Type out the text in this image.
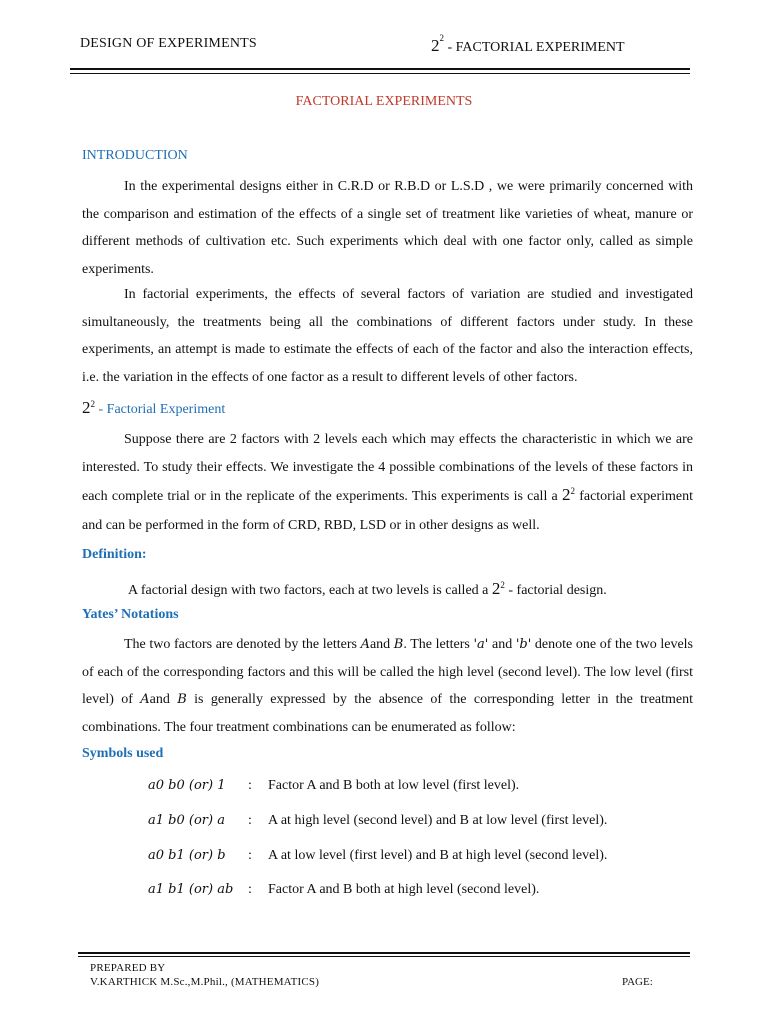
DESIGN OF EXPERIMENTS	$2^2$ - FACTORIAL EXPERIMENT
FACTORIAL EXPERIMENTS
INTRODUCTION
In the experimental designs either in C.R.D or R.B.D or L.S.D , we were primarily concerned with the comparison and estimation of the effects of a single set of treatment like varieties of wheat, manure or different methods of cultivation etc. Such experiments which deal with one factor only, called as simple experiments.
In factorial experiments, the effects of several factors of variation are studied and investigated simultaneously, the treatments being all the combinations of different factors under study. In these experiments, an attempt is made to estimate the effects of each of the factor and also the interaction effects, i.e. the variation in the effects of one factor as a result to different levels of other factors.
$2^2$ - Factorial Experiment
Suppose there are 2 factors with 2 levels each which may effects the characteristic in which we are interested. To study their effects. We investigate the 4 possible combinations of the levels of these factors in each complete trial or in the replicate of the experiments. This experiments is call a $2^2$ factorial experiment and can be performed in the form of CRD, RBD, LSD or in other designs as well.
Definition:
A factorial design with two factors, each at two levels is called a $2^2$ - factorial design.
Yates’ Notations
The two factors are denoted by the letters Aand B. The letters 'a' and 'b' denote one of the two levels of each of the corresponding factors and this will be called the high level (second level). The low level (first level) of Aand B is generally expressed by the absence of the corresponding letter in the treatment combinations. The four treatment combinations can be enumerated as follow:
Symbols used
a0 b0 (or) 1	: Factor A and B both at low level (first level).
a1 b0 (or) a	: A at high level (second level) and B at low level (first level).
a0 b1 (or) b	: A at low level (first level) and B at high level (second level).
a1 b1 (or) ab	: Factor A and B both at high level (second level).
PREPARED BY
V.KARTHICK M.Sc.,M.Phil., (MATHEMATICS)	PAGE:
